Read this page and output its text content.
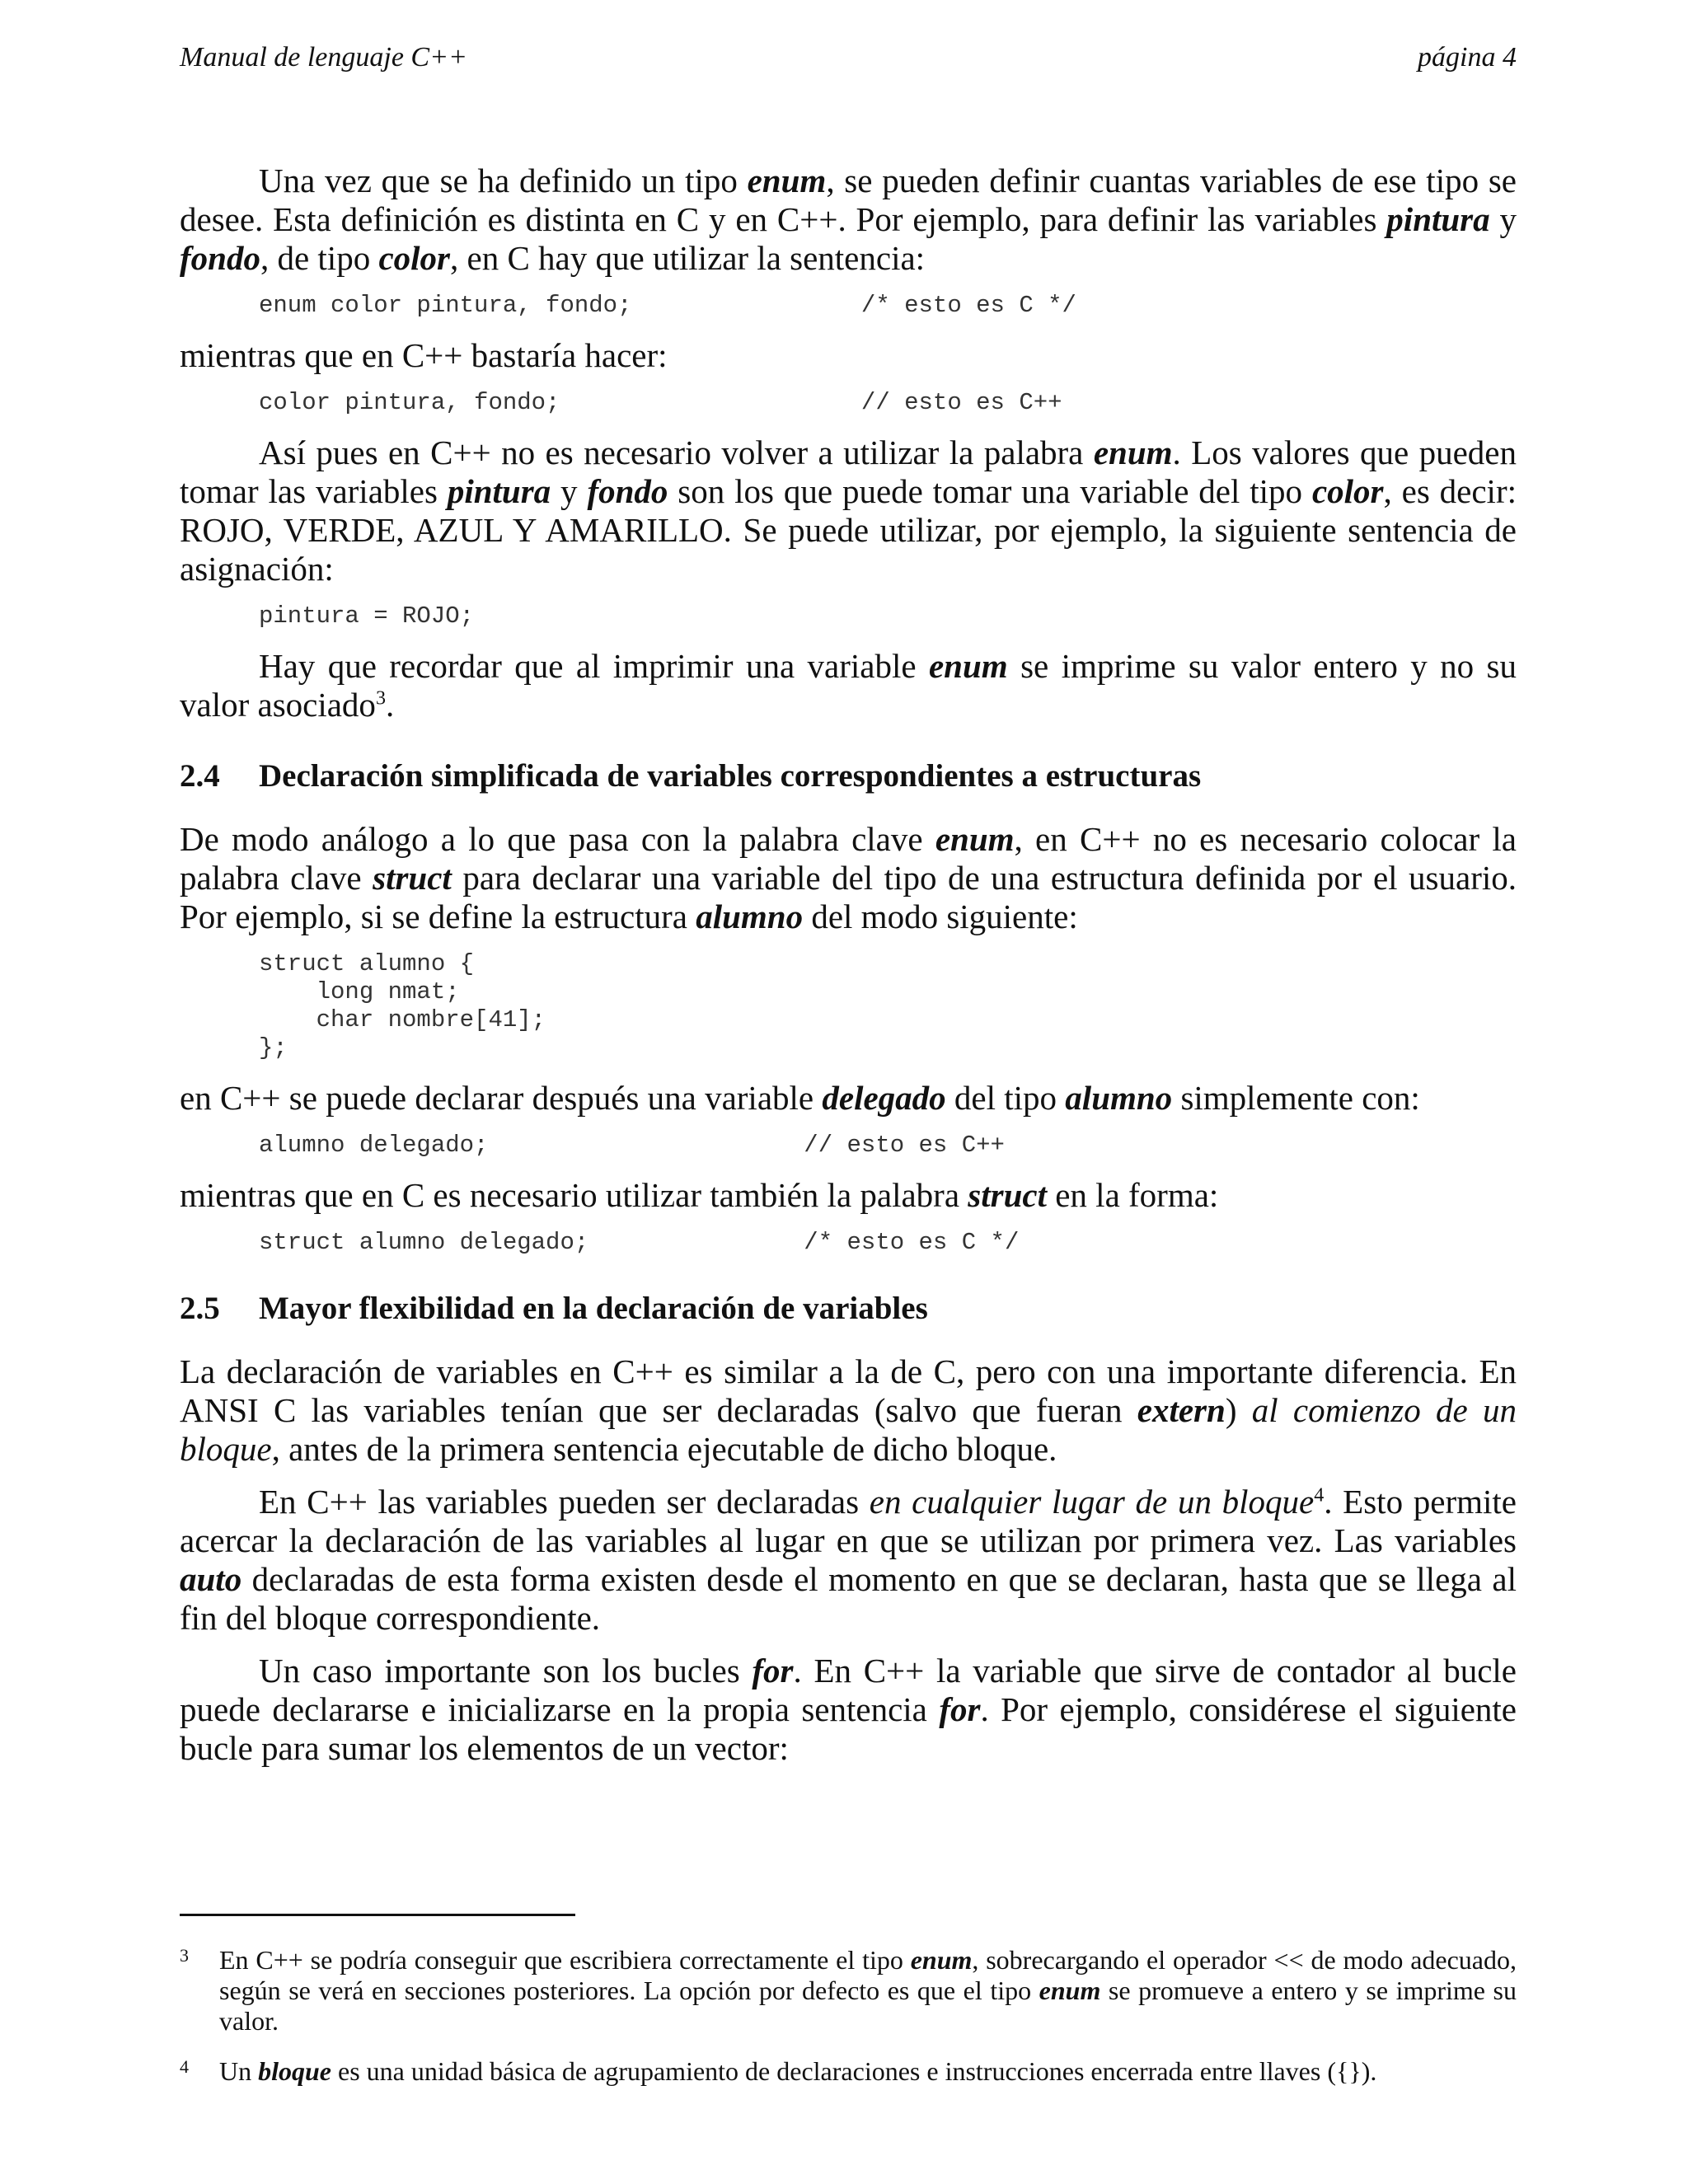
Manual de lenguaje C++	página 4

Una vez que se ha definido un tipo enum, se pueden definir cuantas variables de ese tipo se desee. Esta definición es distinta en C y en C++. Por ejemplo, para definir las variables pintura y fondo, de tipo color, en C hay que utilizar la sentencia:

enum color pintura, fondo;                /* esto es C */

mientras que en C++ bastaría hacer:

color pintura, fondo;                     // esto es C++

Así pues en C++ no es necesario volver a utilizar la palabra enum. Los valores que pueden tomar las variables pintura y fondo son los que puede tomar una variable del tipo color, es decir: ROJO, VERDE, AZUL Y AMARILLO. Se puede utilizar, por ejemplo, la siguiente sentencia de asignación:

pintura = ROJO;

Hay que recordar que al imprimir una variable enum se imprime su valor entero y no su valor asociado$^3$.

2.4 Declaración simplificada de variables correspondientes a estructuras

De modo análogo a lo que pasa con la palabra clave enum, en C++ no es necesario colocar la palabra clave struct para declarar una variable del tipo de una estructura definida por el usuario. Por ejemplo, si se define la estructura alumno del modo siguiente:

struct alumno {
long nmat;
char nombre[41];
};

en C++ se puede declarar después una variable delegado del tipo alumno simplemente con:

alumno delegado;                      // esto es C++

mientras que en C es necesario utilizar también la palabra struct en la forma:

struct alumno delegado;               /* esto es C */
2.5 Mayor flexibilidad en la declaración de variables

La declaración de variables en C++ es similar a la de C, pero con una importante diferencia. En ANSI C las variables tenían que ser declaradas (salvo que fueran extern) al comienzo de un bloque, antes de la primera sentencia ejecutable de dicho bloque.

En C++ las variables pueden ser declaradas en cualquier lugar de un bloque$^4$. Esto permite acercar la declaración de las variables al lugar en que se utilizan por primera vez. Las variables auto declaradas de esta forma existen desde el momento en que se declaran, hasta que se llega al fin del bloque correspondiente.

Un caso importante son los bucles for. En C++ la variable que sirve de contador al bucle puede declararse e inicializarse en la propia sentencia for. Por ejemplo, considérese el siguiente bucle para sumar los elementos de un vector:

3 En C++ se podría conseguir que escribiera correctamente el tipo enum, sobrecargando el operador << de modo adecuado, según se verá en secciones posteriores. La opción por defecto es que el tipo enum se promueve a entero y se imprime su valor.
4 Un bloque es una unidad básica de agrupamiento de declaraciones e instrucciones encerrada entre llaves ({}).
